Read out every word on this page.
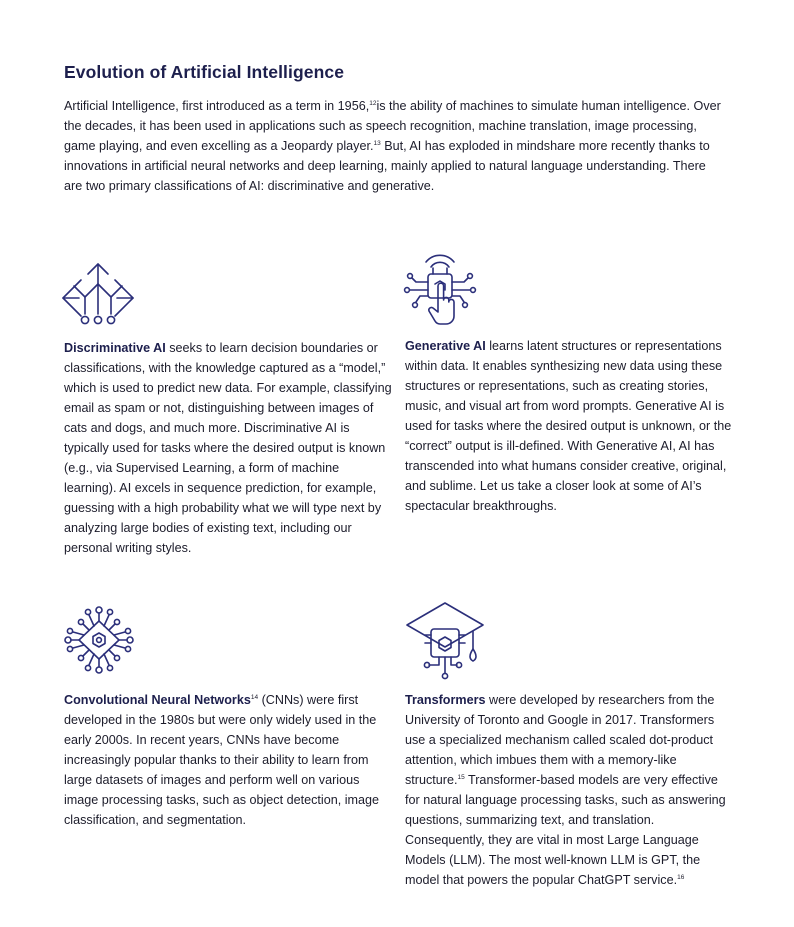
Evolution of Artificial Intelligence

Artificial Intelligence, first introduced as a term in 1956,12is the ability of machines to simulate human intelligence. Over the decades, it has been used in applications such as speech recognition, machine translation, image processing, game playing, and even excelling as a Jeopardy player.$^{13}$ But, AI has exploded in mindshare more recently thanks to innovations in artificial neural networks and deep learning, mainly applied to natural language understanding. There are two primary classifications of AI: discriminative and generative.

Discriminative AI seeks to learn decision boundaries or classifications, with the knowledge captured as a “model,” which is used to predict new data. For example, classifying email as spam or not, distinguishing between images of cats and dogs, and much more. Discriminative AI is typically used for tasks where the desired output is known (e.g., via Supervised Learning, a form of machine learning). AI excels in sequence prediction, for example, guessing with a high probability what we will type next by analyzing large bodies of existing text, including our personal writing styles.

Generative AI learns latent structures or representations within data. It enables synthesizing new data using these structures or representations, such as creating stories, music, and visual art from word prompts. Generative AI is used for tasks where the desired output is unknown, or the “correct” output is ill-defined. With Generative AI, AI has transcended into what humans consider creative, original, and sublime. Let us take a closer look at some of AI’s spectacular breakthroughs.

Convolutional Neural Networks$^{14}$ (CNNs) were first developed in the 1980s but were only widely used in the early 2000s. In recent years, CNNs have become increasingly popular thanks to their ability to learn from large datasets of images and perform well on various image processing tasks, such as object detection, image classification, and segmentation.

Transformers were developed by researchers from the University of Toronto and Google in 2017. Transformers use a specialized mechanism called scaled dot-product attention, which imbues them with a memory-like structure.$^{15}$ Transformer-based models are very effective for natural language processing tasks, such as answering questions, summarizing text, and translation. Consequently, they are vital in most Large Language Models (LLM). The most well-known LLM is GPT, the model that powers the popular ChatGPT service.$^{16}$
